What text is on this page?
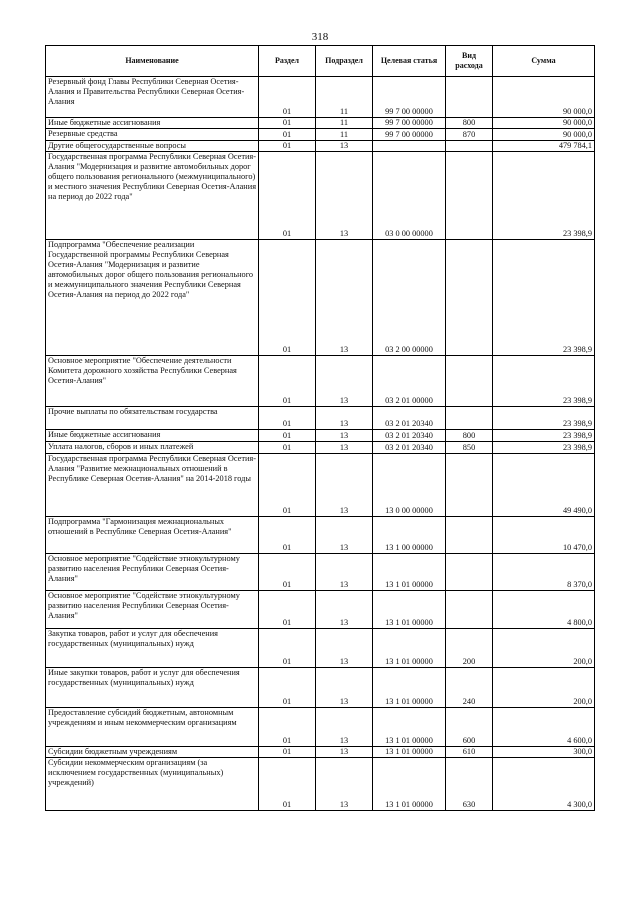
318
Наименование	Раздел	Подраздел	Целевая статья	Вид расхода	Сумма
Резервный фонд Главы Республики Северная Осетия-Алания и Правительства Республики Северная Осетия-Алания	01	11	99 7 00 00000		90 000,0
Иные бюджетные ассигнования	01	11	99 7 00 00000	800	90 000,0
Резервные средства	01	11	99 7 00 00000	870	90 000,0
Другие общегосударственные вопросы	01	13			479 784,1
Государственная программа Республики Северная Осетия-Алания "Модернизация и развитие автомобильных дорог общего пользования регионального (межмуниципального) и местного значения Республики Северная Осетия-Алания на период до 2022 года"	01	13	03 0 00 00000		23 398,9
Подпрограмма "Обеспечение реализации Государственной программы Республики Северная Осетия-Алания "Модернизация и развитие автомобильных дорог общего пользования регионального и межмуниципального значения Республики Северная Осетия-Алания на период до 2022 года"	01	13	03 2 00 00000		23 398,9
Основное мероприятие "Обеспечение деятельности Комитета дорожного хозяйства Республики Северная Осетия-Алания"	01	13	03 2 01 00000		23 398,9
Прочие выплаты по обязательствам государства	01	13	03 2 01 20340		23 398,9
Иные бюджетные ассигнования	01	13	03 2 01 20340	800	23 398,9
Уплата налогов, сборов и иных платежей	01	13	03 2 01 20340	850	23 398,9
Государственная программа Республики Северная Осетия-Алания "Развитие межнациональных отношений в Республике Северная Осетия-Алания" на 2014-2018 годы	01	13	13 0 00 00000		49 490,0
Подпрограмма "Гармонизация межнациональных отношений в Республике Северная Осетия-Алания"	01	13	13 1 00 00000		10 470,0
Основное мероприятие "Содействие этнокультурному развитию населения Республики Северная Осетия-Алания"	01	13	13 1 01 00000		8 370,0
Основное мероприятие "Содействие этнокультурному развитию населения Республики Северная Осетия-Алания"	01	13	13 1 01 00000		4 800,0
Закупка товаров, работ и услуг для обеспечения государственных (муниципальных) нужд	01	13	13 1 01 00000	200	200,0
Иные закупки товаров, работ и услуг для обеспечения государственных (муниципальных) нужд	01	13	13 1 01 00000	240	200,0
Предоставление субсидий бюджетным, автономным учреждениям и иным некоммерческим организациям	01	13	13 1 01 00000	600	4 600,0
Субсидии бюджетным учреждениям	01	13	13 1 01 00000	610	300,0
Субсидии некоммерческим организациям (за исключением государственных (муниципальных) учреждений)	01	13	13 1 01 00000	630	4 300,0
